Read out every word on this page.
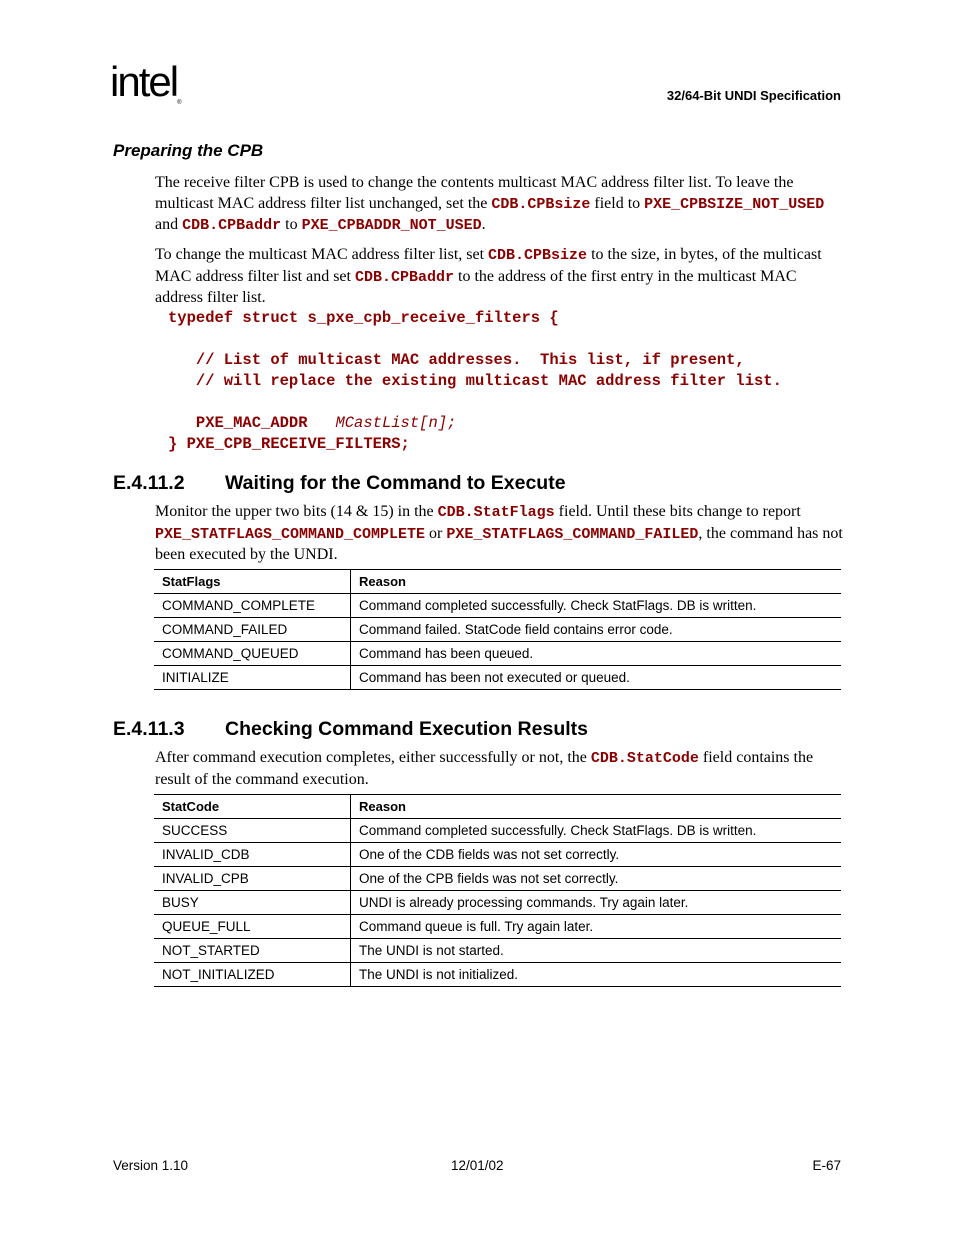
intel®	32/64-Bit UNDI Specification
Preparing the CPB
The receive filter CPB is used to change the contents multicast MAC address filter list. To leave the multicast MAC address filter list unchanged, set the CDB.CPBsize field to PXE_CPBSIZE_NOT_USED and CDB.CPBaddr to PXE_CPBADDR_NOT_USED.
To change the multicast MAC address filter list, set CDB.CPBsize to the size, in bytes, of the multicast MAC address filter list and set CDB.CPBaddr to the address of the first entry in the multicast MAC address filter list.
typedef struct s_pxe_cpb_receive_filters {

// List of multicast MAC addresses.  This list, if present,
// will replace the existing multicast MAC address filter list.

PXE_MAC_ADDR   MCastList[n];
} PXE_CPB_RECEIVE_FILTERS;
E.4.11.2 Waiting for the Command to Execute
Monitor the upper two bits (14 & 15) in the CDB.StatFlags field. Until these bits change to report PXE_STATFLAGS_COMMAND_COMPLETE or PXE_STATFLAGS_COMMAND_FAILED, the command has not been executed by the UNDI.
StatFlags	Reason
COMMAND_COMPLETE	Command completed successfully. Check StatFlags. DB is written.
COMMAND_FAILED	Command failed. StatCode field contains error code.
COMMAND_QUEUED	Command has been queued.
INITIALIZE	Command has been not executed or queued.
E.4.11.3 Checking Command Execution Results
After command execution completes, either successfully or not, the CDB.StatCode field contains the result of the command execution.
StatCode	Reason
SUCCESS	Command completed successfully. Check StatFlags. DB is written.
INVALID_CDB	One of the CDB fields was not set correctly.
INVALID_CPB	One of the CPB fields was not set correctly.
BUSY	UNDI is already processing commands. Try again later.
QUEUE_FULL	Command queue is full. Try again later.
NOT_STARTED	The UNDI is not started.
NOT_INITIALIZED	The UNDI is not initialized.
Version 1.10	12/01/02	E-67
